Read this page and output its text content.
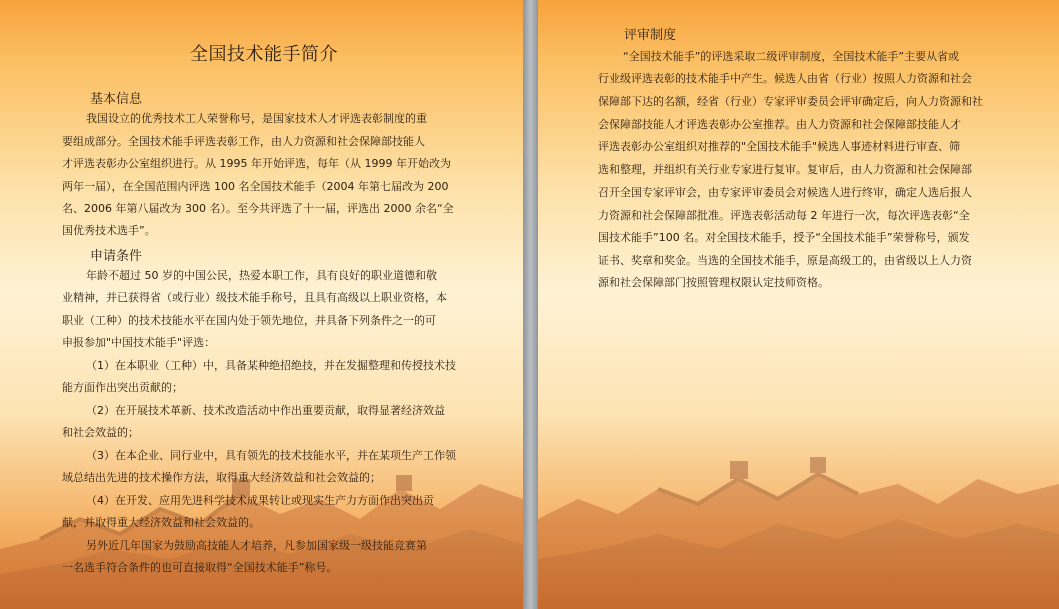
全国技术能手简介
基本信息
我国设立的优秀技术工人荣誉称号，是国家技术人才评选表彰制度的重
要组成部分。全国技术能手评选表彰工作，由人力资源和社会保障部技能人
才评选表彰办公室组织进行。从 1995 年开始评选，每年（从 1999 年开始改为
两年一届），在全国范围内评选 100 名全国技术能手（2004 年第七届改为 200
名、2006 年第八届改为 300 名）。至今共评选了十一届，评选出 2000 余名“全
国优秀技术选手”。
申请条件
年龄不超过 50 岁的中国公民，热爱本职工作，具有良好的职业道德和敬
业精神，并已获得省（或行业）级技术能手称号，且具有高级以上职业资格，本
职业（工种）的技术技能水平在国内处于领先地位，并具备下列条件之一的可
申报参加"中国技术能手"评选：
（1）在本职业（工种）中，具备某种绝招绝技，并在发掘整理和传授技术技
能方面作出突出贡献的；
（2）在开展技术革新、技术改造活动中作出重要贡献，取得显著经济效益
和社会效益的；
（3）在本企业、同行业中，具有领先的技术技能水平，并在某项生产工作领
域总结出先进的技术操作方法，取得重大经济效益和社会效益的；
（4）在开发、应用先进科学技术成果转让或现实生产力方面作出突出贡
献，并取得重大经济效益和社会效益的。
另外近几年国家为鼓励高技能人才培养，凡参加国家级一级技能竞赛第
一名选手符合条件的也可直接取得“全国技术能手”称号。
评审制度
“全国技术能手”的评选采取二级评审制度，全国技术能手”主要从省或
行业级评选表彰的技术能手中产生。候选人由省（行业）按照人力资源和社会
保障部下达的名额，经省（行业）专家评审委员会评审确定后，向人力资源和社
会保障部技能人才评选表彰办公室推荐。由人力资源和社会保障部技能人才
评选表彰办公室组织对推荐的"全国技术能手"候选人事迹材料进行审查、筛
选和整理，并组织有关行业专家进行复审。复审后，由人力资源和社会保障部
召开全国专家评审会，由专家评审委员会对候选人进行终审，确定人选后报人
力资源和社会保障部批准。评选表彰活动每 2 年进行一次，每次评选表彰“全
国技术能手”100 名。对全国技术能手，授予“全国技术能手”荣誉称号，颁发
证书、奖章和奖金。当选的全国技术能手，原是高级工的，由省级以上人力资
源和社会保障部门按照管理权限认定技师资格。
